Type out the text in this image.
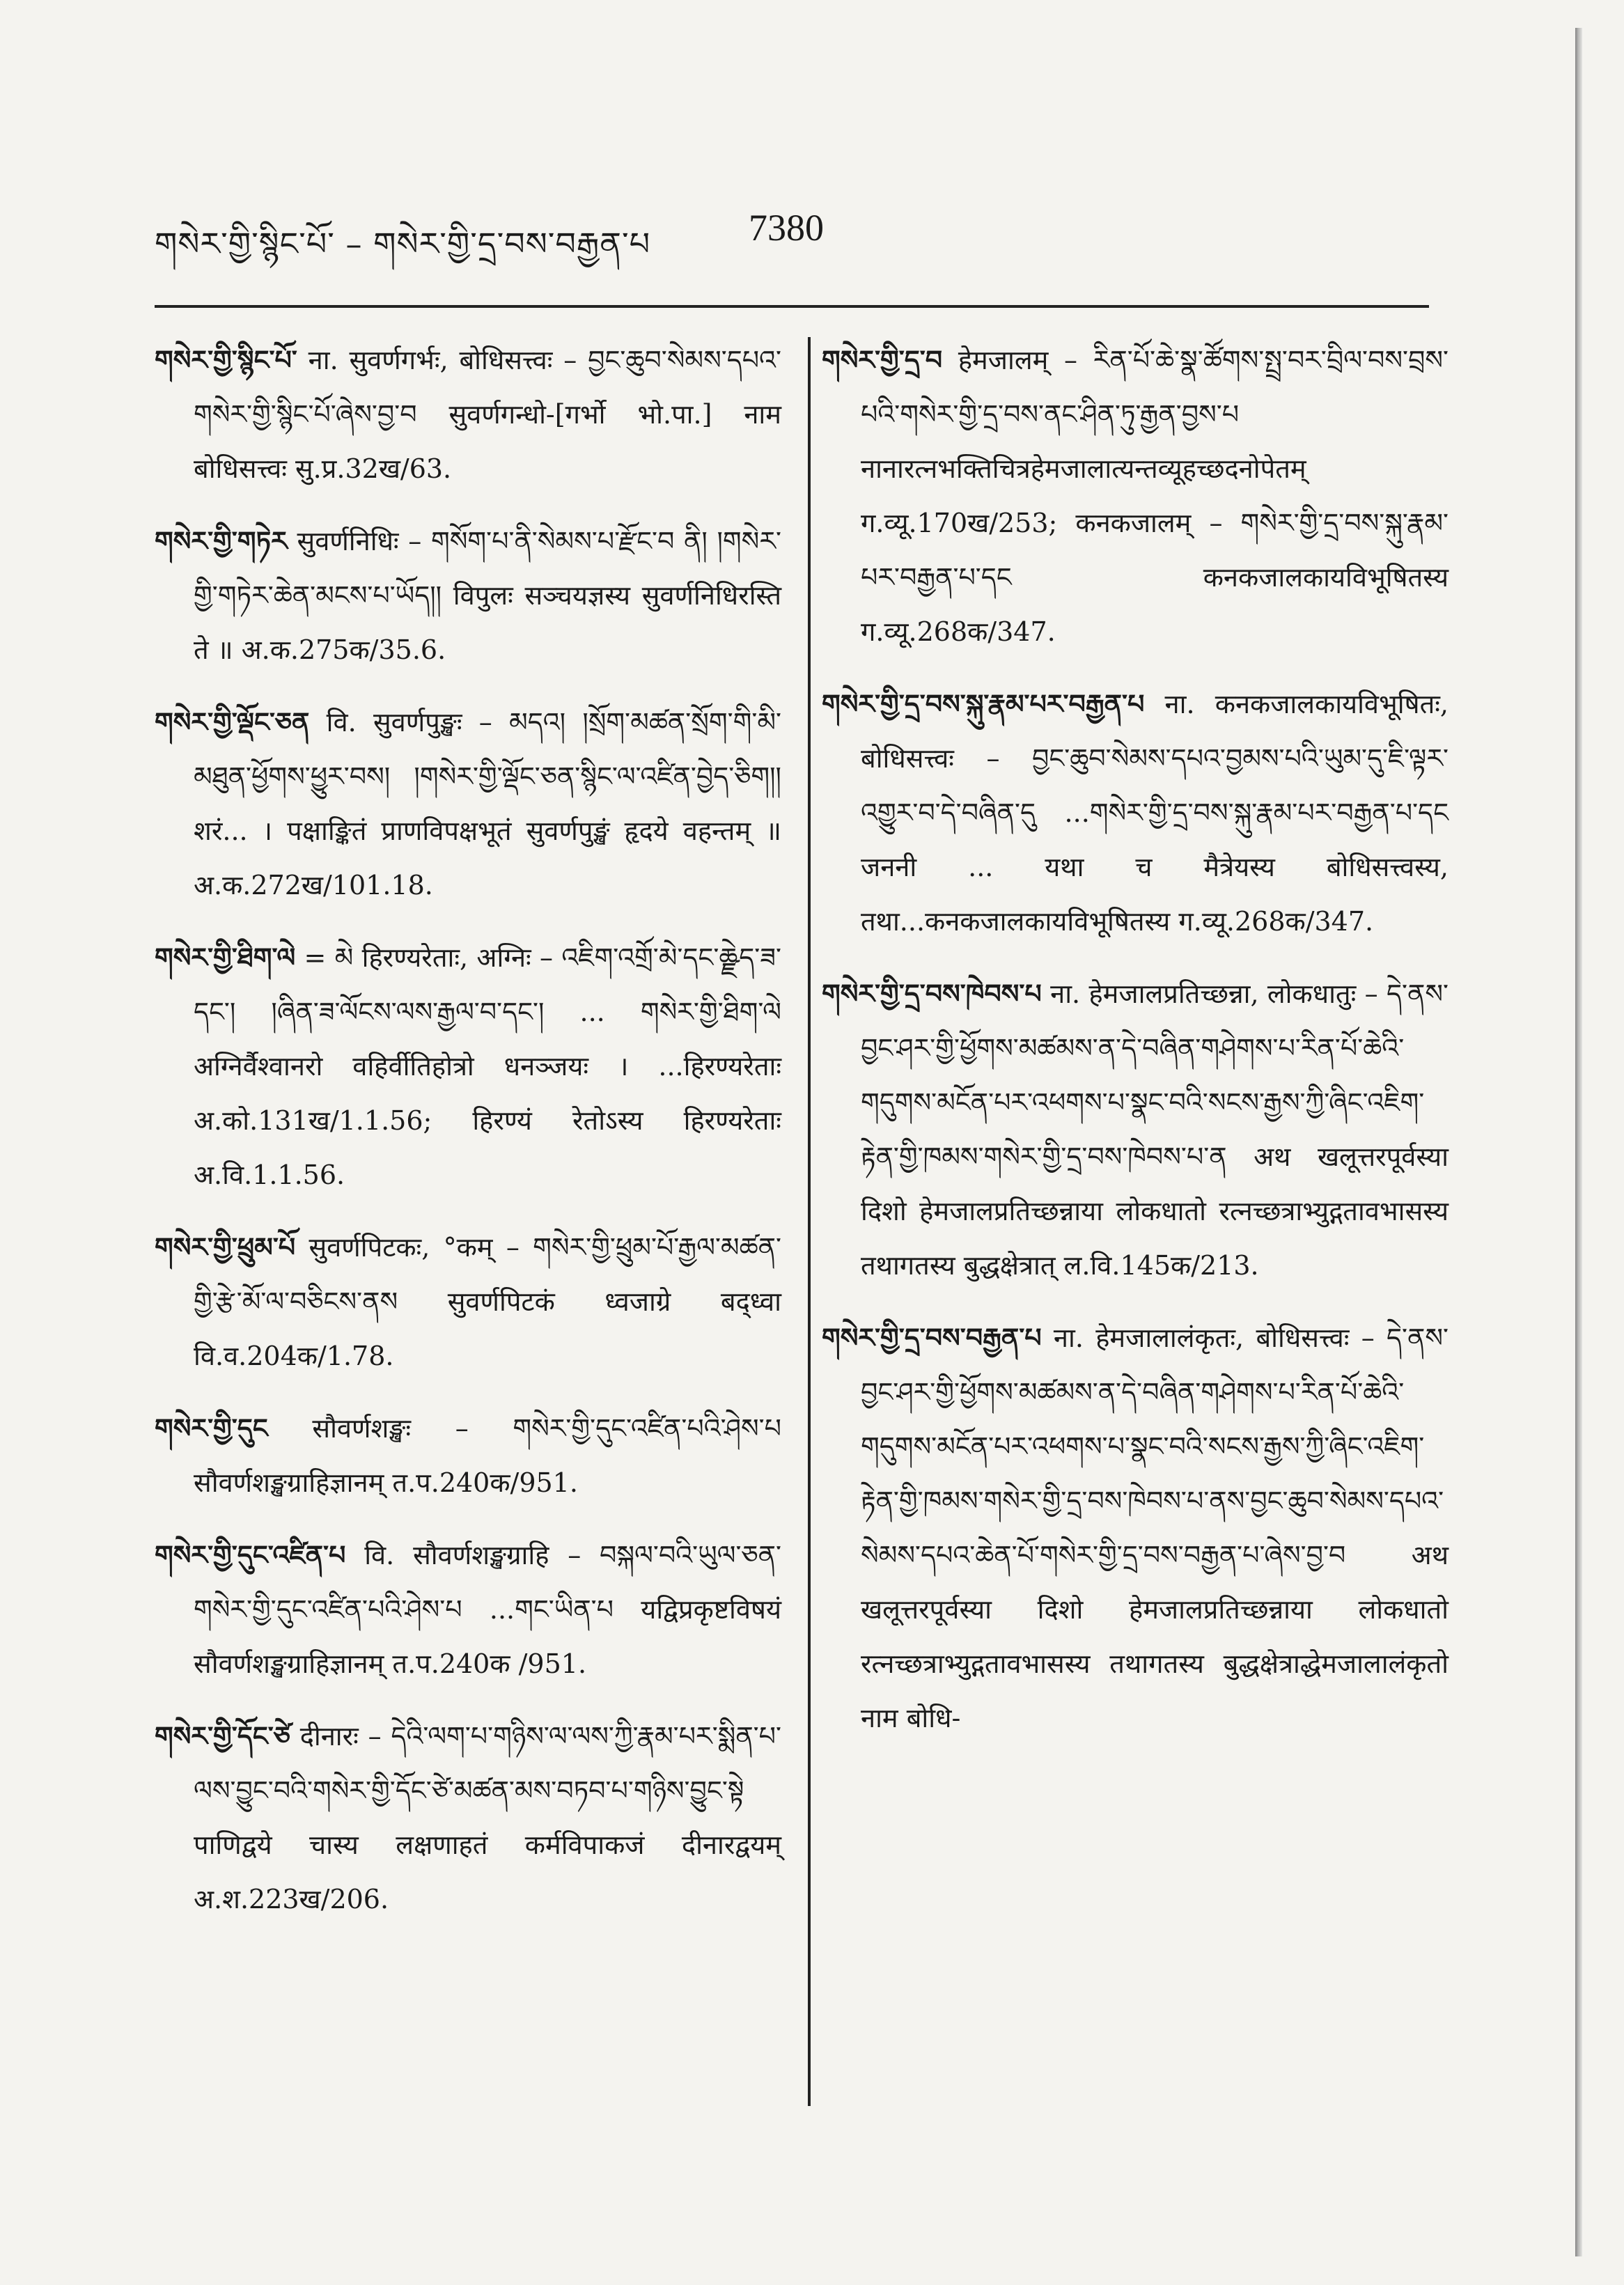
གསེར་གྱི་སྙིང་པོ་ – གསེར་གྱི་དྲ་བས་བརྒྱན་པ	7380
གསེར་གྱི་སྙིང་པོ་ ना. सुवर्णगर्भः, बोधिसत्त्वः – བྱང་ཆུབ་སེམས་དཔའ་གསེར་གྱི་སྙིང་པོ་ཞེས་བྱ་བ सुवर्णगन्धो-[गर्भो भो.पा.] नाम बोधिसत्त्वः सु.प्र.32ख/63.
གསེར་གྱི་གཏེར सुवर्णनिधिः – གསོག་པ་ནི་སེམས་པ་རྫོང་བ ནི། །གསེར་གྱི་གཏེར་ཆེན་མངས་པ་ཡོད།། विपुलः सञ्चयज्ञस्य सुवर्णनिधिरस्ति ते ॥ अ.क.275क/35.6.
གསེར་གྱི་ལྡོང་ཅན वि. सुवर्णपुङ्खः – མདའ། །སྲོག་མཚན་སྲོག་གི་མི་མཐུན་ཕྱོགས་ཕྱུར་བས། །གསེར་གྱི་ལྡོང་ཅན་སྙིང་ལ་འཛིན་བྱེད་ཅིག།། शरं... । पक्षाङ्कितं प्राणविपक्षभूतं सुवर्णपुङ्खं हृदये वहन्तम् ॥ अ.क.272ख/101.18.
གསེར་གྱི་ཐིག་ལེ = མེ हिरण्यरेताः, अग्निः – འཇིག་འགྲོ་མེ་དང་ཆྫེད་ཟ་དང་། །ཞིན་ཟ་ལོངས་ལས་རྒྱལ་བ་དང་། ... གསེར་གྱི་ཐིག་ལེ अग्निर्वैश्वानरो वहिर्वीतिहोत्रो धनञ्जयः । ...हिरण्यरेताः अ.को.131ख/1.1.56; हिरण्यं रेतोऽस्य हिरण्यरेताः अ.वि.1.1.56.
གསེར་གྱི་ཕྲུམ་པོ सुवर्णपिटकः, °कम् – གསེར་གྱི་ཕྲུམ་པོ་རྒྱལ་མཚན་གྱི་རྩེ་མོ་ལ་བཅིངས་ནས सुवर्णपिटकं ध्वजाग्रे बद्ध्वा वि.व.204क/1.78.
གསེར་གྱི་དུང सौवर्णशङ्खः – གསེར་གྱི་དུང་འཛིན་པའི་ཤེས་པ सौवर्णशङ्खग्राहिज्ञानम् त.प.240क/951.
གསེར་གྱི་དུང་འཛིན་པ वि. सौवर्णशङ्खग्राहि – བསྐལ་བའི་ཡུལ་ཅན་གསེར་གྱི་དུང་འཛིན་པའི་ཤེས་པ ...གང་ཡིན་པ यद्विप्रकृष्टविषयं सौवर्णशङ्खग्राहिज्ञानम् त.प.240क /951.
གསེར་གྱི་དོང་ཙེ दीनारः – དེའི་ལག་པ་གཉིས་ལ་ལས་ཀྱི་རྣམ་པར་སྨིན་པ་ལས་བྱུང་བའི་གསེར་གྱི་དོང་ཙེ་མཚན་མས་བཏབ་པ་གཉིས་བྱུང་སྟེ पाणिद्वये चास्य लक्षणाहतं कर्मविपाकजं दीनारद्वयम् अ.श.223ख/206.
གསེར་གྱི་དྲ་བ हेमजालम् – རིན་པོ་ཆེ་སྣ་ཚོགས་སྤྲ་བར་བྲིལ་བས་བྲས་པའི་གསེར་གྱི་དྲ་བས་ནང་ཤིན་ཏུ་རྒྱན་བྱས་པ नानारत्नभक्तिचित्रहेमजालात्यन्तव्यूहच्छदनोपेतम् ग.व्यू.170ख/253; कनकजालम् – གསེར་གྱི་དྲ་བས་སྐུ་རྣམ་པར་བརྒྱན་པ་དང कनकजालकायविभूषितस्य ग.व्यू.268क/347.
གསེར་གྱི་དྲ་བས་སྐུ་རྣམ་པར་བརྒྱན་པ ना. कनकजालकायविभूषितः, बोधिसत्त्वः – བྱང་ཆུབ་སེམས་དཔའ་བྱམས་པའི་ཡུམ་དུ་ཇི་ལྟར་འགྱུར་བ་དེ་བཞིན་དུ ...གསེར་གྱི་དྲ་བས་སྐུ་རྣམ་པར་བརྒྱན་པ་དང जननी ... यथा च मैत्रेयस्य बोधिसत्त्वस्य, तथा...कनकजालकायविभूषितस्य ग.व्यू.268क/347.
གསེར་གྱི་དྲ་བས་ཁེབས་པ ना. हेमजालप्रतिच्छन्ना, लोकधातुः – དེ་ནས་བྱང་ཤར་གྱི་ཕྱོགས་མཚམས་ན་དེ་བཞིན་གཤེགས་པ་རིན་པོ་ཆེའི་གདུགས་མངོན་པར་འཕགས་པ་སྣང་བའི་སངས་རྒྱས་ཀྱི་ཞིང་འཇིག་རྟེན་གྱི་ཁམས་གསེར་གྱི་དྲ་བས་ཁེབས་པ་ན अथ खलूत्तरपूर्वस्या दिशो हेमजालप्रतिच्छन्नाया लोकधातो रत्नच्छत्राभ्युद्गतावभासस्य तथागतस्य बुद्धक्षेत्रात् ल.वि.145क/213.
གསེར་གྱི་དྲ་བས་བརྒྱན་པ ना. हेमजालालंकृतः, बोधिसत्त्वः – དེ་ནས་བྱང་ཤར་གྱི་ཕྱོགས་མཚམས་ན་དེ་བཞིན་གཤེགས་པ་རིན་པོ་ཆེའི་གདུགས་མངོན་པར་འཕགས་པ་སྣང་བའི་སངས་རྒྱས་ཀྱི་ཞིང་འཇིག་རྟེན་གྱི་ཁམས་གསེར་གྱི་དྲ་བས་ཁེབས་པ་ནས་བྱང་ཆུབ་སེམས་དཔའ་སེམས་དཔའ་ཆེན་པོ་གསེར་གྱི་དྲ་བས་བརྒྱན་པ་ཞེས་བྱ་བ अथ खलूत्तरपूर्वस्या दिशो हेमजालप्रतिच्छन्नाया लोकधातो रत्नच्छत्राभ्युद्गतावभासस्य तथागतस्य बुद्धक्षेत्राद्धेमजालालंकृतो नाम बोधि-
